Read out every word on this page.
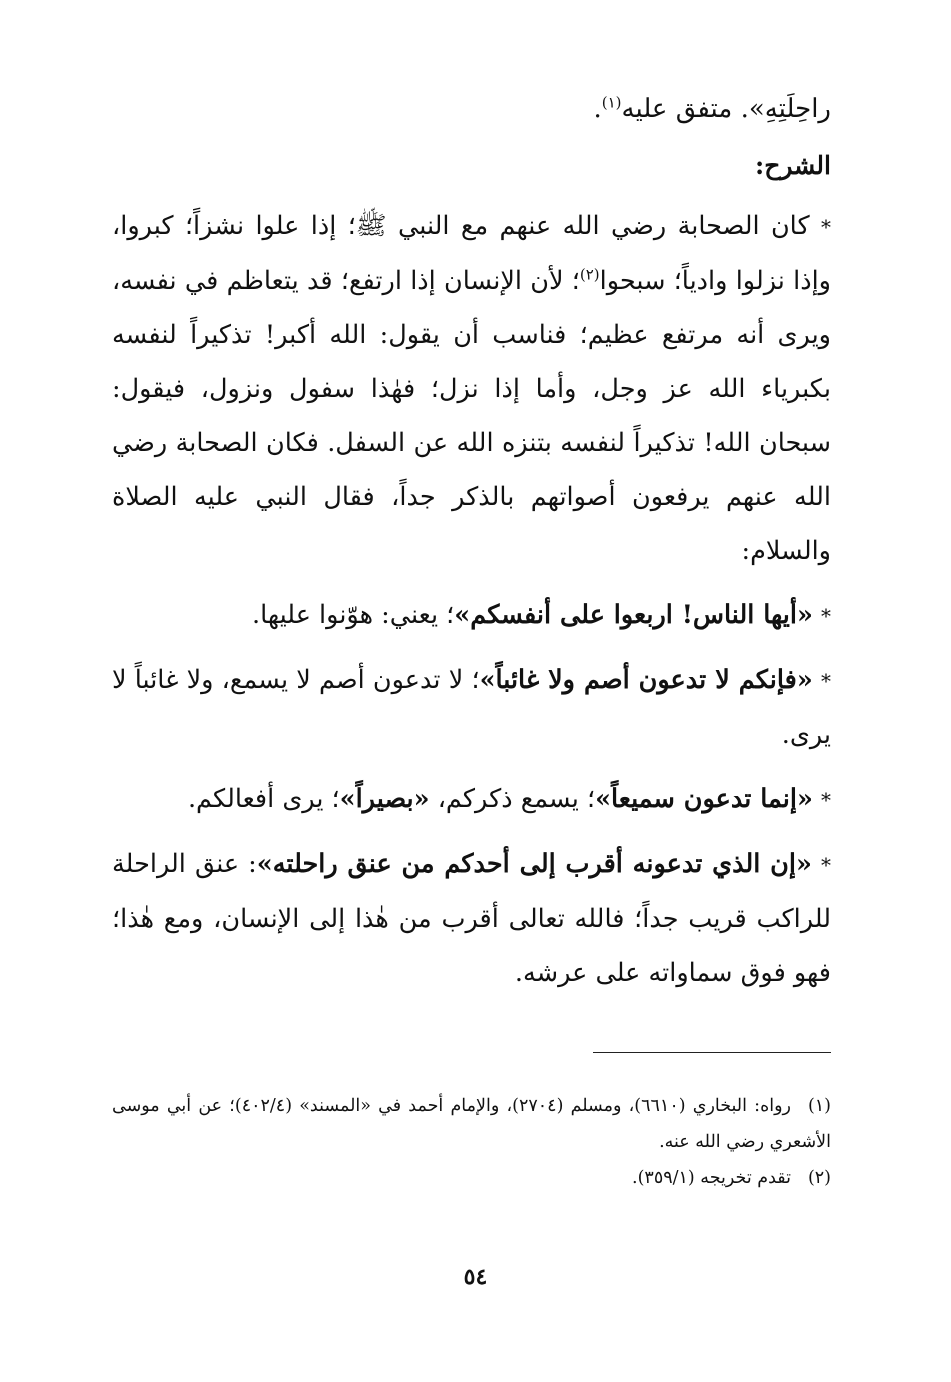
راحِلَتِهِ». متفق عليه$^{(١)}$.

الشرح:

* كان الصحابة رضي الله عنهم مع النبي ﷺ؛ إذا علوا نشزاً؛ كبروا، وإذا نزلوا وادياً؛ سبحوا$^{(٢)}$؛ لأن الإنسان إذا ارتفع؛ قد يتعاظم في نفسه، ويرى أنه مرتفع عظيم؛ فناسب أن يقول: الله أكبر! تذكيراً لنفسه بكبرياء الله عز وجل، وأما إذا نزل؛ فهٰذا سفول ونزول، فيقول: سبحان الله! تذكيراً لنفسه بتنزه الله عن السفل. فكان الصحابة رضي الله عنهم يرفعون أصواتهم بالذكر جداً، فقال النبي عليه الصلاة والسلام:

* «أيها الناس! اربعوا على أنفسكم»؛ يعني: هوّنوا عليها.

* «فإنكم لا تدعون أصم ولا غائباً»؛ لا تدعون أصم لا يسمع، ولا غائباً لا يرى.

* «إنما تدعون سميعاً»؛ يسمع ذكركم، «بصيراً»؛ يرى أفعالكم.

* «إن الذي تدعونه أقرب إلى أحدكم من عنق راحلته»: عنق الراحلة للراكب قريب جداً؛ فالله تعالى أقرب من هٰذا إلى الإنسان، ومع هٰذا؛ فهو فوق سماواته على عرشه.

(١)رواه: البخاري (٦٦١٠)، ومسلم (٢٧٠٤)، والإمام أحمد في «المسند» (٤٠٢/٤)؛ عن أبي موسى الأشعري رضي الله عنه.

(٢)تقدم تخريجه (٣٥٩/١).

٥٤
